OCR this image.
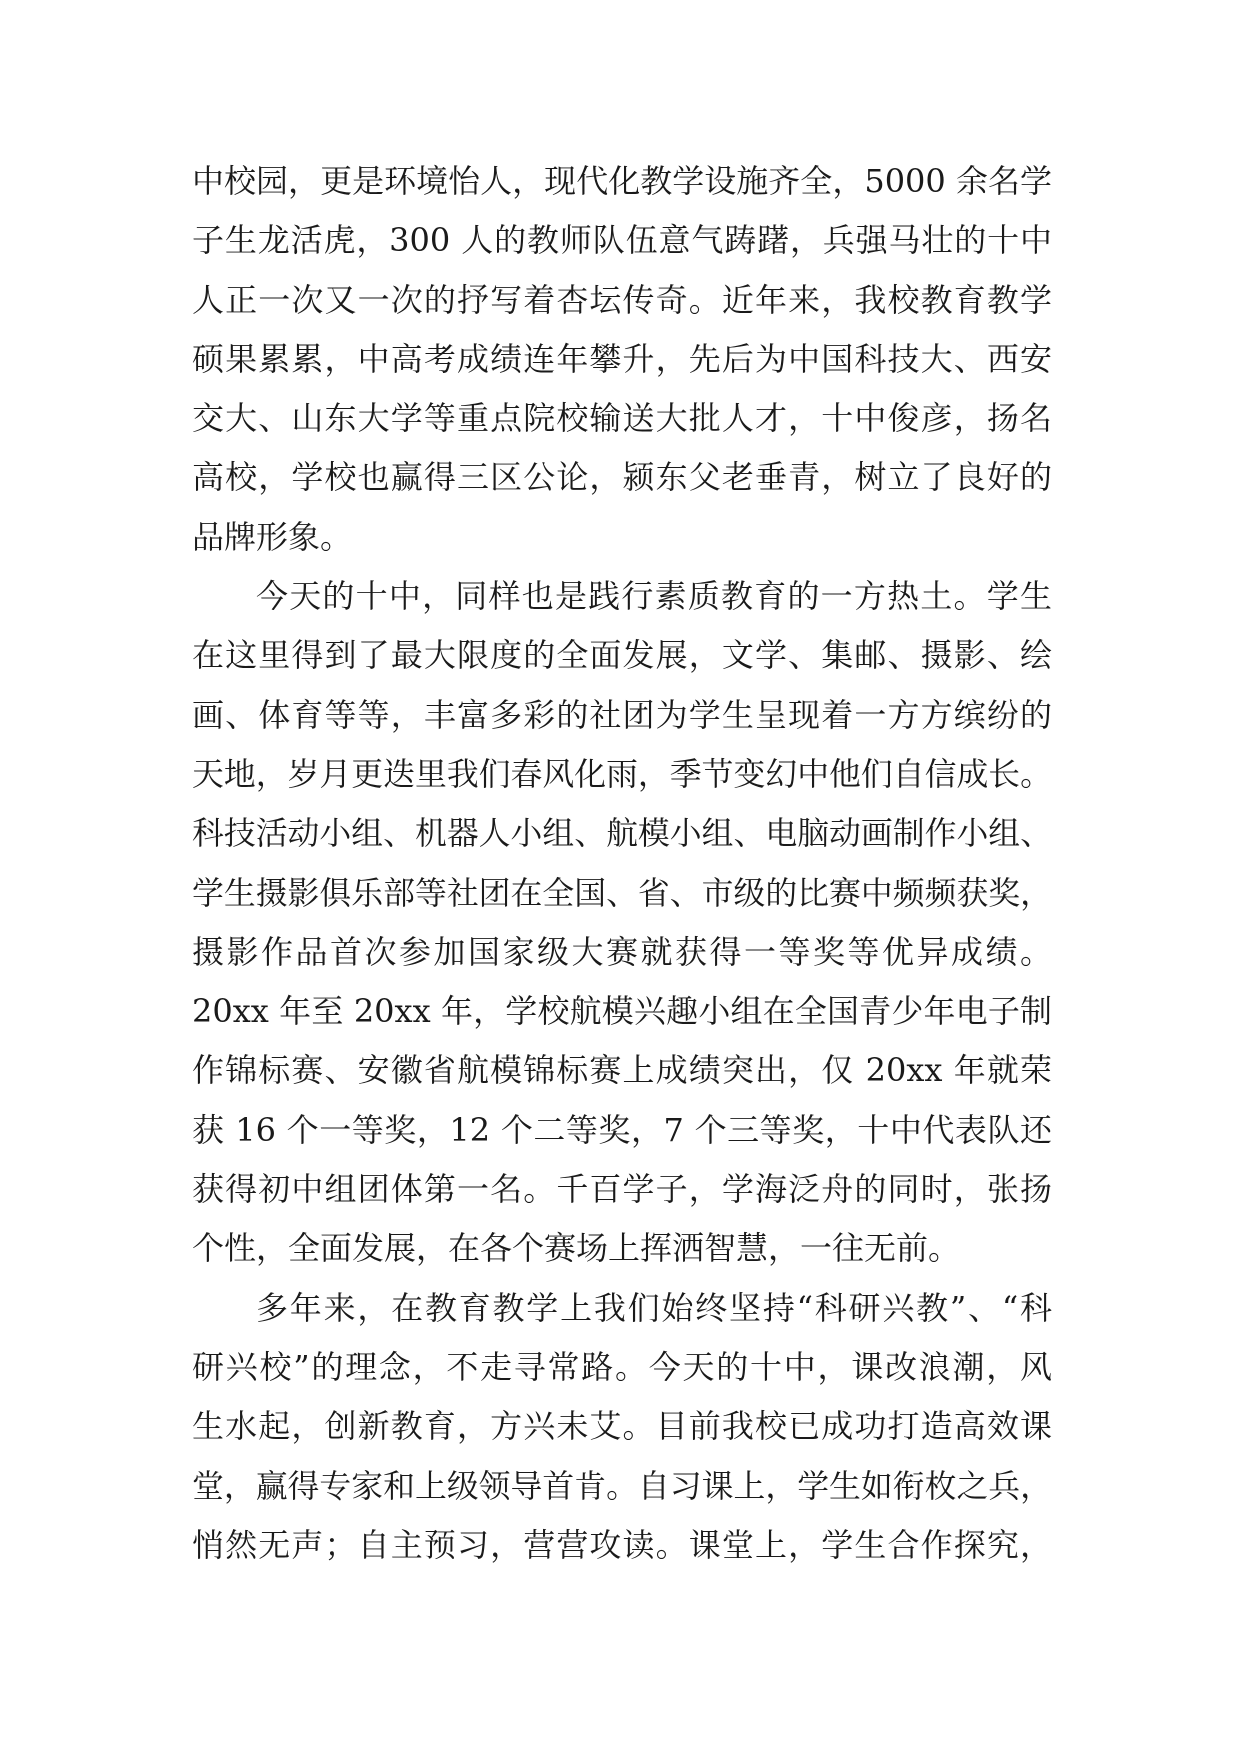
中校园，更是环境怡人，现代化教学设施齐全，5000 余名学
子生龙活虎，300 人的教师队伍意气踌躇，兵强马壮的十中
人正一次又一次的抒写着杏坛传奇。近年来，我校教育教学
硕果累累，中高考成绩连年攀升，先后为中国科技大、西安
交大、山东大学等重点院校输送大批人才，十中俊彦，扬名
高校，学校也赢得三区公论，颍东父老垂青，树立了良好的
品牌形象。
今天的十中，同样也是践行素质教育的一方热土。学生
在这里得到了最大限度的全面发展，文学、集邮、摄影、绘
画、体育等等，丰富多彩的社团为学生呈现着一方方缤纷的
天地，岁月更迭里我们春风化雨，季节变幻中他们自信成长。
科技活动小组、机器人小组、航模小组、电脑动画制作小组、
学生摄影俱乐部等社团在全国、省、市级的比赛中频频获奖，
摄影作品首次参加国家级大赛就获得一等奖等优异成绩。
20xx 年至 20xx 年，学校航模兴趣小组在全国青少年电子制
作锦标赛、安徽省航模锦标赛上成绩突出，仅 20xx 年就荣
获 16 个一等奖，12 个二等奖，7 个三等奖，十中代表队还
获得初中组团体第一名。千百学子，学海泛舟的同时，张扬
个性，全面发展，在各个赛场上挥洒智慧，一往无前。
多年来，在教育教学上我们始终坚持“科研兴教”、“科
研兴校”的理念，不走寻常路。今天的十中，课改浪潮，风
生水起，创新教育，方兴未艾。目前我校已成功打造高效课
堂，赢得专家和上级领导首肯。自习课上，学生如衔枚之兵，
悄然无声；自主预习，营营攻读。课堂上，学生合作探究，
